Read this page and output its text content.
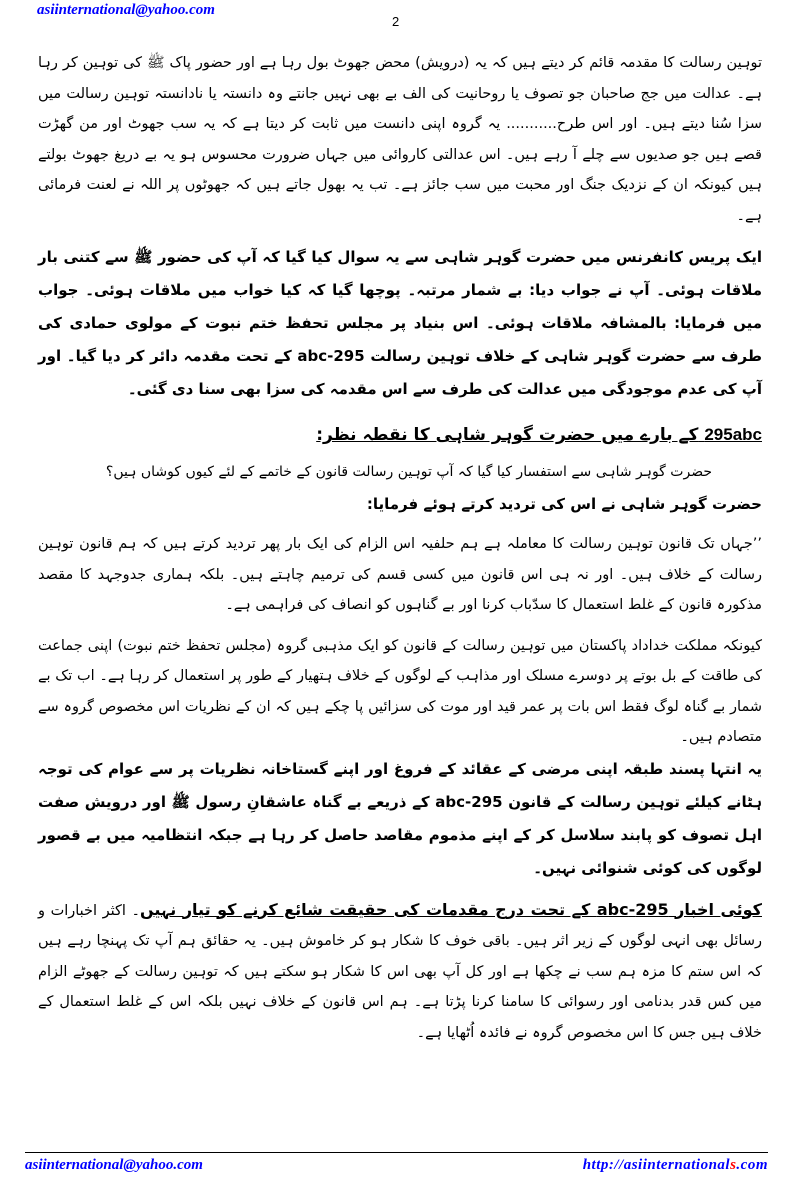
asiinternational@yahoo.com
2

توہین رسالت کا مقدمہ قائم کر دیتے ہیں کہ یہ (درویش) محض جھوٹ بول رہا ہے اور حضور پاک ﷺ کی توہین کر رہا ہے۔ عدالت میں جج صاحبان جو تصوف یا روحانیت کی الف بے بھی نہیں جانتے وہ دانستہ یا نادانستہ توہین رسالت میں سزا سُنا دیتے ہیں۔ اور اس طرح........... یہ گروہ اپنی دانست میں ثابت کر دیتا ہے کہ یہ سب جھوٹ اور من گھڑت قصے ہیں جو صدیوں سے چلے آ رہے ہیں۔ اس عدالتی کاروائی میں جہاں ضرورت محسوس ہو یہ بے دریغ جھوٹ بولتے ہیں کیونکہ ان کے نزدیک جنگ اور محبت میں سب جائز ہے۔ تب یہ بھول جاتے ہیں کہ جھوٹوں پر اللہ نے لعنت فرمائی ہے۔

ایک پریس کانفرنس میں حضرت گوہر شاہی سے یہ سوال کیا گیا کہ آپ کی حضور ﷺ سے کتنی بار ملاقات ہوئی۔ آپ نے جواب دیا: بے شمار مرتبہ۔ پوچھا گیا کہ کیا خواب میں ملاقات ہوئی۔ جواب میں فرمایا: بالمشافہ ملاقات ہوئی۔ اس بنیاد پر مجلس تحفظ ختم نبوت کے مولوی حمادی کی طرف سے حضرت گوہر شاہی کے خلاف توہین رسالت 295-abc کے تحت مقدمہ دائر کر دیا گیا۔ اور آپ کی عدم موجودگی میں عدالت کی طرف سے اس مقدمہ کی سزا بھی سنا دی گئی۔

295abc کے بارے میں حضرت گوہر شاہی کا نقطہ نظر:

حضرت گوہر شاہی سے استفسار کیا گیا کہ آپ توہین رسالت قانون کے خاتمے کے لئے کیوں کوشاں ہیں؟

حضرت گوہر شاہی نے اس کی تردید کرتے ہوئے فرمایا:

’’جہاں تک قانون توہین رسالت کا معاملہ ہے ہم حلفیہ اس الزام کی ایک بار پھر تردید کرتے ہیں کہ ہم قانون توہین رسالت کے خلاف ہیں۔ اور نہ ہی اس قانون میں کسی قسم کی ترمیم چاہتے ہیں۔ بلکہ ہماری جدوجہد کا مقصد مذکورہ قانون کے غلط استعمال کا سدّباب کرنا اور بے گناہوں کو انصاف کی فراہمی ہے۔

کیونکہ مملکت خداداد پاکستان میں توہین رسالت کے قانون کو ایک مذہبی گروہ (مجلس تحفظ ختم نبوت) اپنی جماعت کی طاقت کے بل بوتے پر دوسرے مسلک اور مذاہب کے لوگوں کے خلاف ہتھیار کے طور پر استعمال کر رہا ہے۔ اب تک بے شمار بے گناہ لوگ فقط اس بات پر عمر قید اور موت کی سزائیں پا چکے ہیں کہ ان کے نظریات اس مخصوص گروہ سے متصادم ہیں۔

یہ انتہا پسند طبقہ اپنی مرضی کے عقائد کے فروغ اور اپنے گستاخانہ نظریات پر سے عوام کی توجہ ہٹانے کیلئے توہین رسالت کے قانون 295-abc کے ذریعے بے گناہ عاشقانِ رسول ﷺ اور درویش صفت اہل تصوف کو پابند سلاسل کر کے اپنے مذموم مقاصد حاصل کر رہا ہے جبکہ انتظامیہ میں بے قصور لوگوں کی کوئی شنوائی نہیں۔

کوئی اخبار 295-abc کے تحت درج مقدمات کی حقیقت شائع کرنے کو تیار نہیں۔ اکثر اخبارات و رسائل بھی انہی لوگوں کے زیر اثر ہیں۔ باقی خوف کا شکار ہو کر خاموش ہیں۔ یہ حقائق ہم آپ تک پہنچا رہے ہیں کہ اس ستم کا مزہ ہم سب نے چکھا ہے اور کل آپ بھی اس کا شکار ہو سکتے ہیں کہ توہین رسالت کے جھوٹے الزام میں کس قدر بدنامی اور رسوائی کا سامنا کرنا پڑتا ہے۔ ہم اس قانون کے خلاف نہیں بلکہ اس کے غلط استعمال کے خلاف ہیں جس کا اس مخصوص گروہ نے فائدہ اُٹھایا ہے۔

asiinternational@yahoo.com	http://asiinternationals.com
